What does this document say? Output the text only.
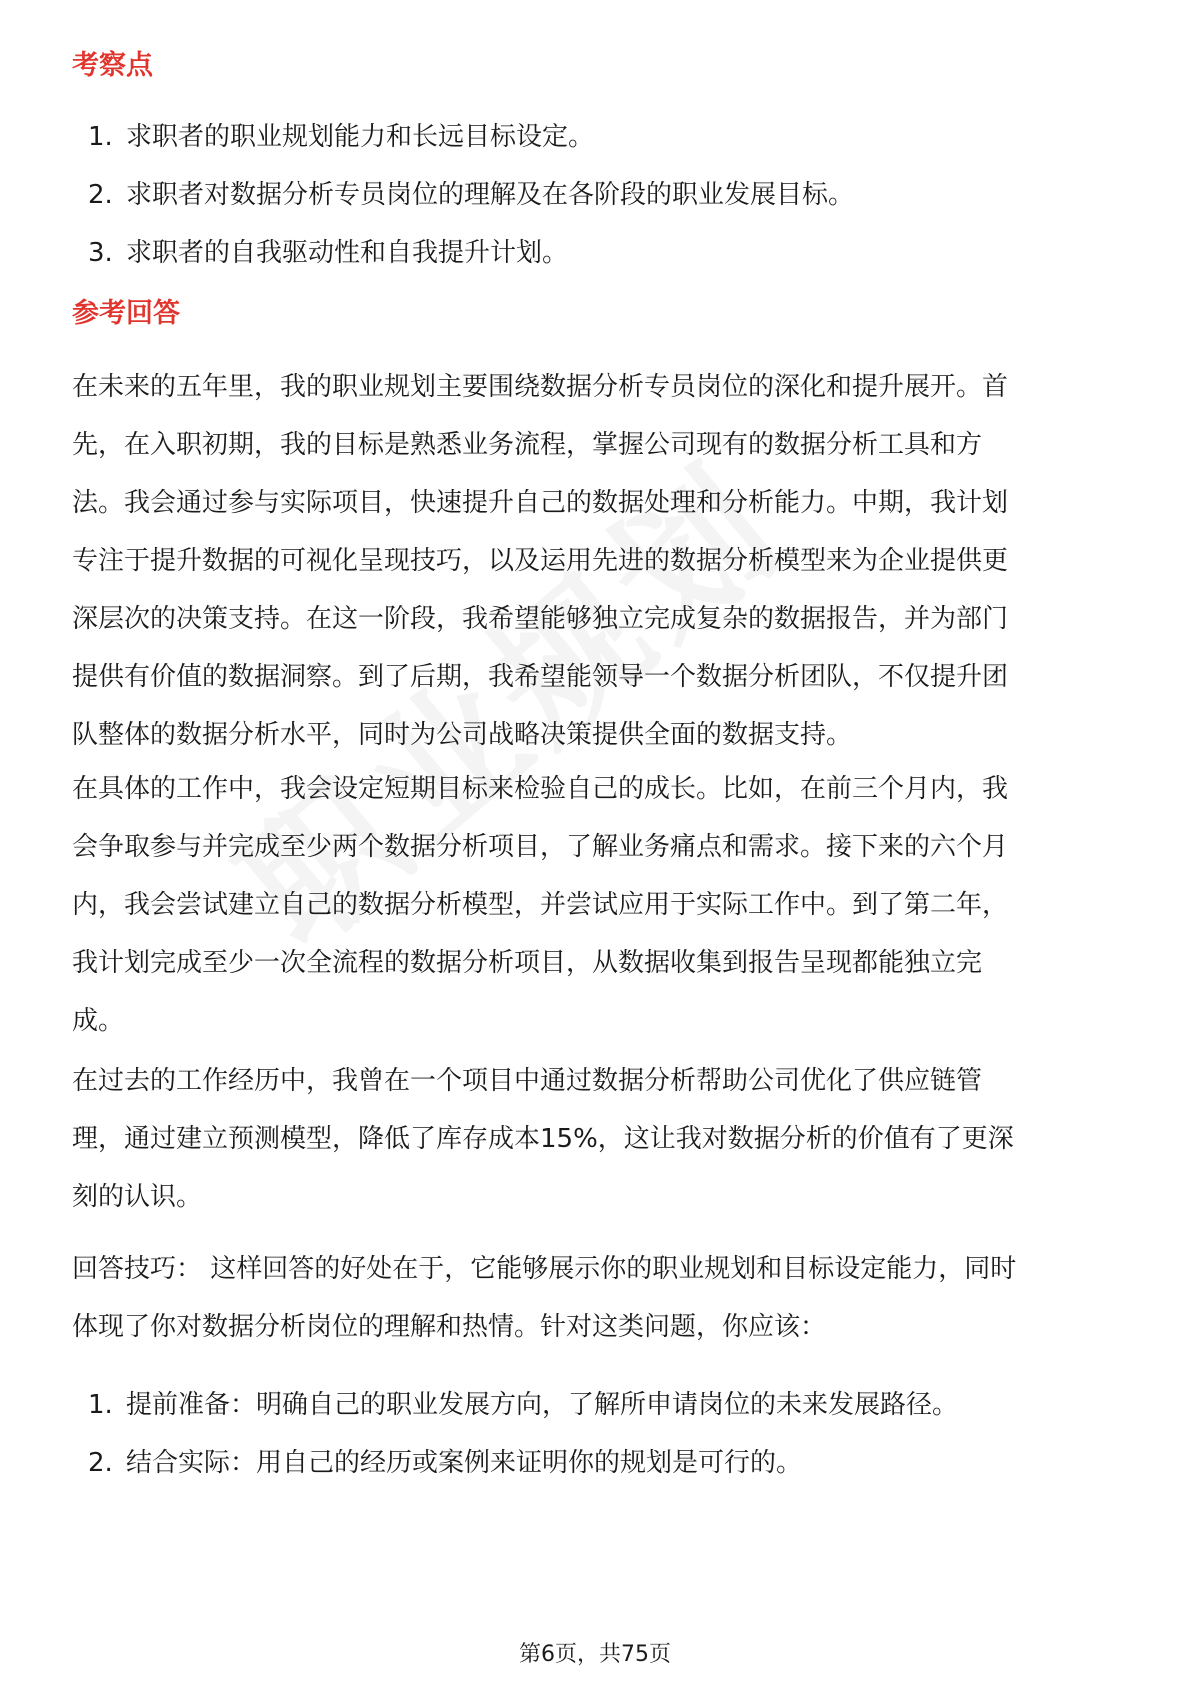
考察点
1. 求职者的职业规划能力和长远目标设定。
2. 求职者对数据分析专员岗位的理解及在各阶段的职业发展目标。
3. 求职者的自我驱动性和自我提升计划。
参考回答

在未来的五年里，我的职业规划主要围绕数据分析专员岗位的深化和提升展开。首
先，在入职初期，我的目标是熟悉业务流程，掌握公司现有的数据分析工具和方
法。我会通过参与实际项目，快速提升自己的数据处理和分析能力。中期，我计划
专注于提升数据的可视化呈现技巧，以及运用先进的数据分析模型来为企业提供更
深层次的决策支持。在这一阶段，我希望能够独立完成复杂的数据报告，并为部门
提供有价值的数据洞察。到了后期，我希望能领导一个数据分析团队，不仅提升团
队整体的数据分析水平，同时为公司战略决策提供全面的数据支持。

在具体的工作中，我会设定短期目标来检验自己的成长。比如，在前三个月内，我
会争取参与并完成至少两个数据分析项目，了解业务痛点和需求。接下来的六个月
内，我会尝试建立自己的数据分析模型，并尝试应用于实际工作中。到了第二年，
我计划完成至少一次全流程的数据分析项目，从数据收集到报告呈现都能独立完
成。

在过去的工作经历中，我曾在一个项目中通过数据分析帮助公司优化了供应链管
理，通过建立预测模型，降低了库存成本15%，这让我对数据分析的价值有了更深
刻的认识。

回答技巧： 这样回答的好处在于，它能够展示你的职业规划和目标设定能力，同时
体现了你对数据分析岗位的理解和热情。针对这类问题，你应该：

1. 提前准备：明确自己的职业发展方向，了解所申请岗位的未来发展路径。
2. 结合实际：用自己的经历或案例来证明你的规划是可行的。
第6页，共75页
